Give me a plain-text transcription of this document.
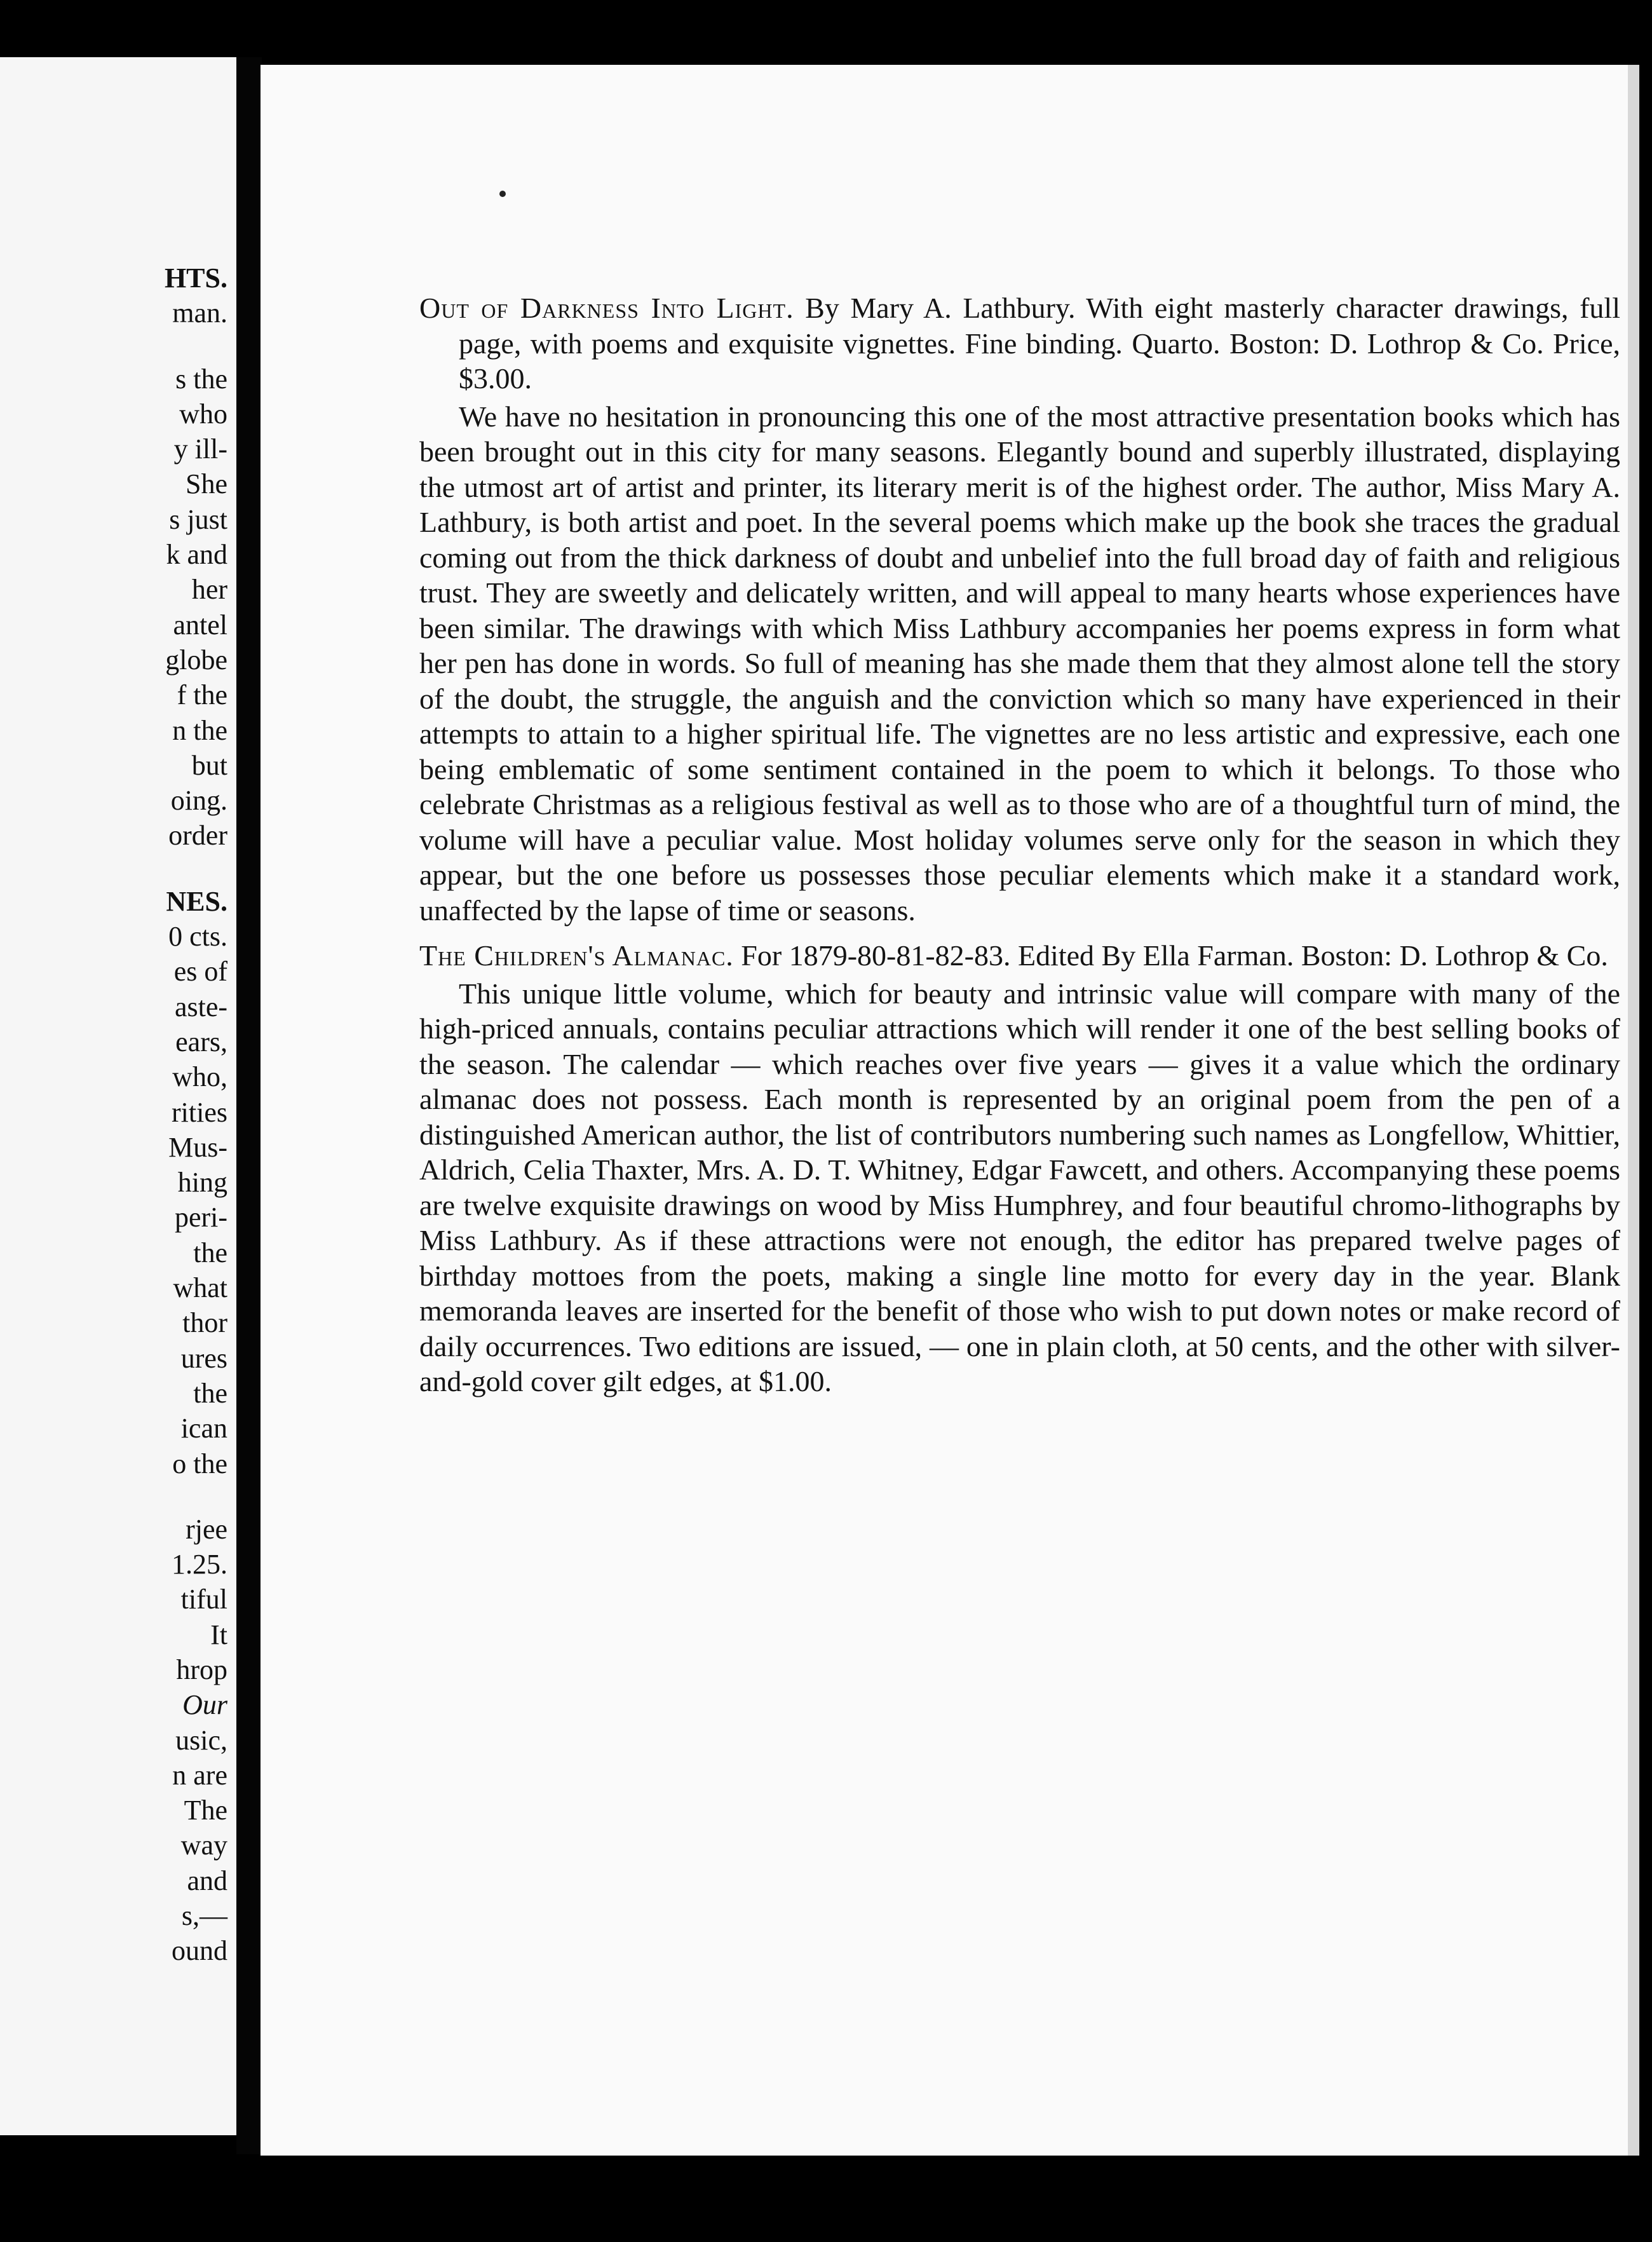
HTS.
man.
s the
who
y ill-
She
s just
k and
her
antel
globe
f the
n the
but
oing.
order
NES.
0 cts.
es of
aste-
ears,
who,
rities
Mus-
hing
peri-
the
what
thor
ures
the
ican
o the
rjee
1.25.
tiful
It
hrop
Our
usic,
n are
The
way
and
s,—
ound

Out of Darkness Into Light. By Mary A. Lathbury. With eight masterly character drawings, full page, with poems and exquisite vignettes. Fine binding. Quarto. Boston: D. Lothrop & Co. Price, $3.00.

We have no hesitation in pronouncing this one of the most attractive presentation books which has been brought out in this city for many seasons. Elegantly bound and superbly illustrated, displaying the utmost art of artist and printer, its literary merit is of the highest order. The author, Miss Mary A. Lathbury, is both artist and poet. In the several poems which make up the book she traces the gradual coming out from the thick darkness of doubt and unbelief into the full broad day of faith and religious trust. They are sweetly and delicately written, and will appeal to many hearts whose experiences have been similar. The drawings with which Miss Lathbury accompanies her poems express in form what her pen has done in words. So full of meaning has she made them that they almost alone tell the story of the doubt, the struggle, the anguish and the conviction which so many have experienced in their attempts to attain to a higher spiritual life. The vignettes are no less artistic and expressive, each one being emblematic of some sentiment contained in the poem to which it belongs. To those who celebrate Christmas as a religious festival as well as to those who are of a thoughtful turn of mind, the volume will have a peculiar value. Most holiday volumes serve only for the season in which they appear, but the one before us possesses those peculiar elements which make it a standard work, unaffected by the lapse of time or seasons.

The Children's Almanac. For 1879-80-81-82-83. Edited By Ella Farman. Boston: D. Lothrop & Co.

This unique little volume, which for beauty and intrinsic value will compare with many of the high-priced annuals, contains peculiar attractions which will render it one of the best selling books of the season. The calendar — which reaches over five years — gives it a value which the ordinary almanac does not possess. Each month is represented by an original poem from the pen of a distinguished American author, the list of contributors numbering such names as Longfellow, Whittier, Aldrich, Celia Thaxter, Mrs. A. D. T. Whitney, Edgar Fawcett, and others. Accompanying these poems are twelve exquisite drawings on wood by Miss Humphrey, and four beautiful chromo-lithographs by Miss Lathbury. As if these attractions were not enough, the editor has prepared twelve pages of birthday mottoes from the poets, making a single line motto for every day in the year. Blank memoranda leaves are inserted for the benefit of those who wish to put down notes or make record of daily occurrences. Two editions are issued, — one in plain cloth, at 50 cents, and the other with silver-and-gold cover gilt edges, at $1.00.
